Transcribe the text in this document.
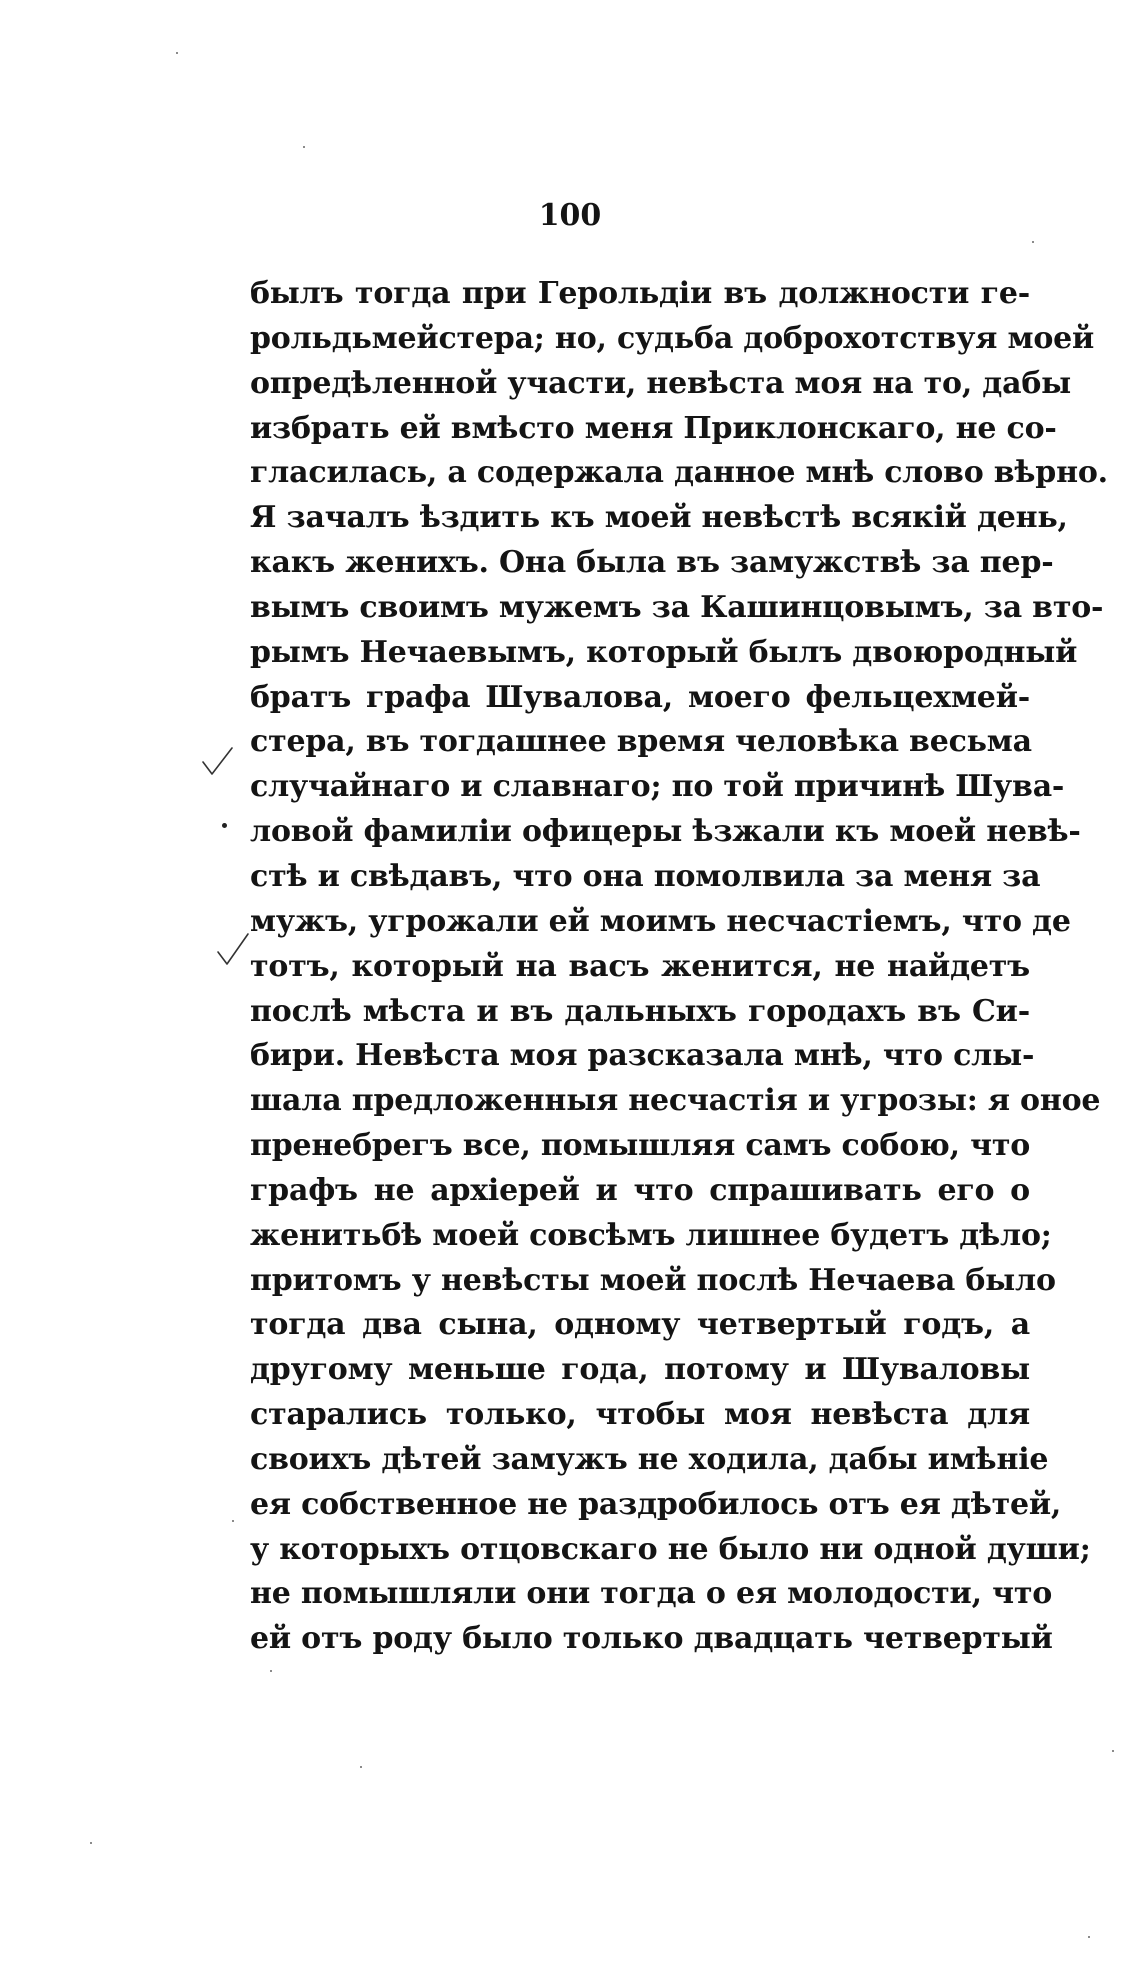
100
былъ тогда при Герольдіи въ должности ге-
рольдьмейстера; но, судьба доброхотствуя моей
опредѣленной участи, невѣста моя на то, дабы
избрать ей вмѣсто меня Приклонскаго, не со-
гласилась, а содержала данное мнѣ слово вѣрно.
Я зачалъ ѣздить къ моей невѣстѣ всякій день,
какъ женихъ. Она была въ замужствѣ за пер-
вымъ своимъ мужемъ за Кашинцовымъ, за вто-
рымъ Нечаевымъ, который былъ двоюродный
братъ графа Шувалова, моего фельцехмей-
стера, въ тогдашнее время человѣка весьма
случайнаго и славнаго; по той причинѣ Шува-
ловой фамиліи офицеры ѣзжали къ моей невѣ-
стѣ и свѣдавъ, что она помолвила за меня за
мужъ, угрожали ей моимъ несчастіемъ, что де
тотъ, который на васъ женится, не найдетъ
послѣ мѣста и въ дальныхъ городахъ въ Си-
бири. Невѣста моя разсказала мнѣ, что слы-
шала предложенныя несчастія и угрозы: я оное
пренебрегъ все, помышляя самъ собою, что
графъ не архіерей и что спрашивать его о
женитьбѣ моей совсѣмъ лишнее будетъ дѣло;
притомъ у невѣсты моей послѣ Нечаева было
тогда два сына, одному четвертый годъ, а
другому меньше года, потому и Шуваловы
старались только, чтобы моя невѣста для
своихъ дѣтей замужъ не ходила, дабы имѣніе
ея собственное не раздробилось отъ ея дѣтей,
у которыхъ отцовскаго не было ни одной души;
не помышляли они тогда о ея молодости, что
ей отъ роду было только двадцать четвертый
